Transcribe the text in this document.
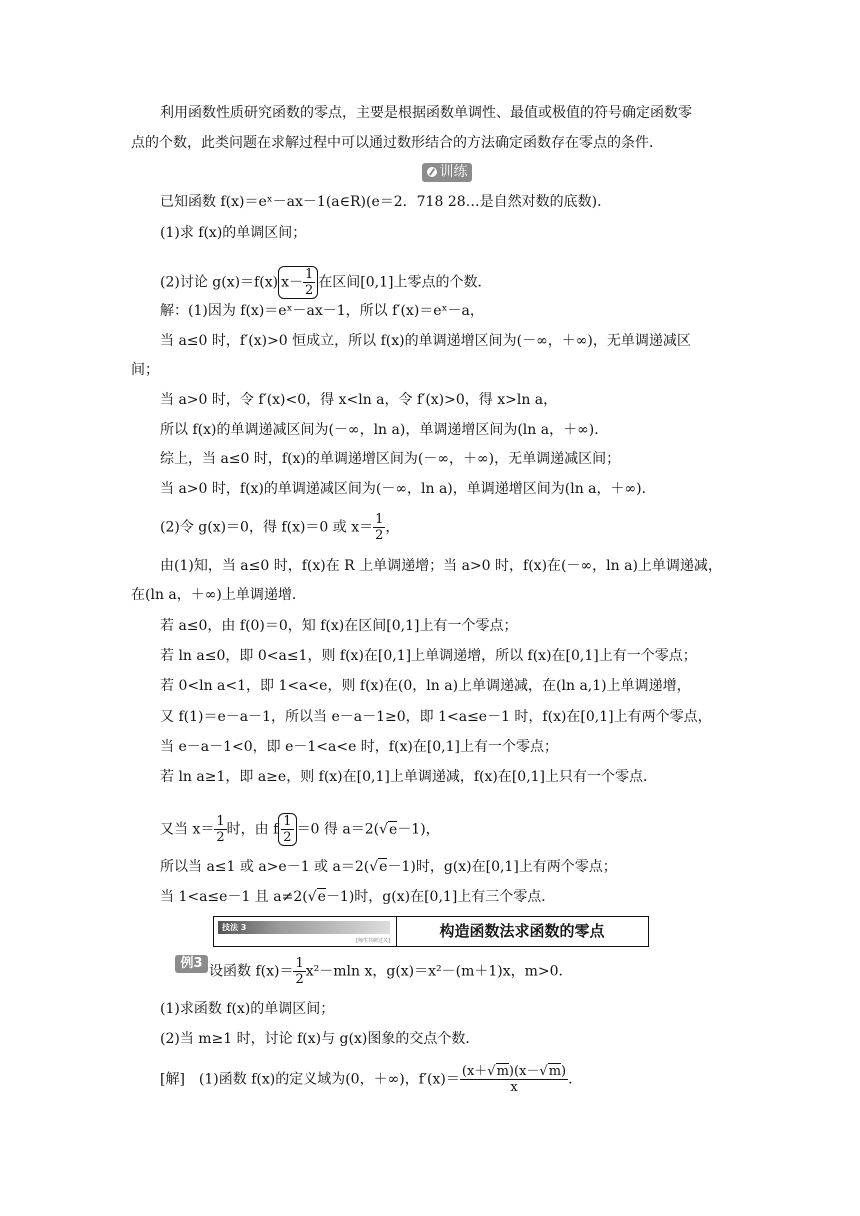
利用函数性质研究函数的零点，主要是根据函数单调性、最值或极值的符号确定函数零
点的个数，此类问题在求解过程中可以通过数形结合的方法确定函数存在零点的条件．
训练
已知函数 f(x)＝eˣ－ax－1(a∈R)(e＝2．718 28…是自然对数的底数)．
(1)求 f(x)的单调区间；
(2)讨论 g(x)＝f(x) $x- \frac{1}{2}$ 在区间[0,1]上零点的个数．
解：(1)因为 f(x)＝eˣ－ax－1，所以 f′(x)＝eˣ－a，
当 a≤0 时，f′(x)>0 恒成立，所以 f(x)的单调递增区间为(－∞，＋∞)，无单调递减区
间；
当 a>0 时，令 f′(x)<0，得 x<ln a，令 f′(x)>0，得 x>ln a，
所以 f(x)的单调递减区间为(－∞，ln a)，单调递增区间为(ln a，＋∞)．
综上，当 a≤0 时，f(x)的单调递增区间为(－∞，＋∞)，无单调递减区间；
当 a>0 时，f(x)的单调递减区间为(－∞，ln a)，单调递增区间为(ln a，＋∞)．
(2)令 g(x)＝0，得 f(x)＝0 或 $x= \frac{1}{2}$ ，
由(1)知，当 a≤0 时，f(x)在 R 上单调递增；当 a>0 时，f(x)在(－∞，ln a)上单调递减，
在(ln a，＋∞)上单调递增．
若 a≤0，由 f(0)＝0，知 f(x)在区间[0,1]上有一个零点；
若 ln a≤0，即 0<a≤1，则 f(x)在[0,1]上单调递增，所以 f(x)在[0,1]上有一个零点；
若 0<ln a<1，即 1<a<e，则 f(x)在(0，ln a)上单调递减，在(ln a,1)上单调递增，
又 f(1)＝e－a－1，所以当 e－a－1≥0，即 1<a≤e－1 时，f(x)在[0,1]上有两个零点，
当 e－a－1<0，即 e－1<a<e 时，f(x)在[0,1]上有一个零点；
若 ln a≥1，即 a≥e，则 f(x)在[0,1]上单调递减，f(x)在[0,1]上只有一个零点．
又当 $x= \frac{1}{2}$ 时，由 f $\frac{1}{2} =0$ 得 a＝2(√e－1)，
所以当 a≤1 或 a>e－1 或 a＝2(√e－1)时，g(x)在[0,1]上有两个零点；
当 1<a≤e－1 且 a≠2(√e－1)时，g(x)在[0,1]上有三个零点．
技法 3
[师生共研过关]
构造函数法求函数的零点
例3 设函数 $f(x)= \frac{1}{2} x^2-mln$ x，g(x)＝x²－(m＋1)x，m>0．
(1)求函数 f(x)的单调区间；
(2)当 m≥1 时，讨论 f(x)与 g(x)图象的交点个数．
[解]　(1)函数 f(x)的定义域为(0，＋∞)，$f'(x)= \frac{(x+√m)(x-√m)}{x}$ ．
